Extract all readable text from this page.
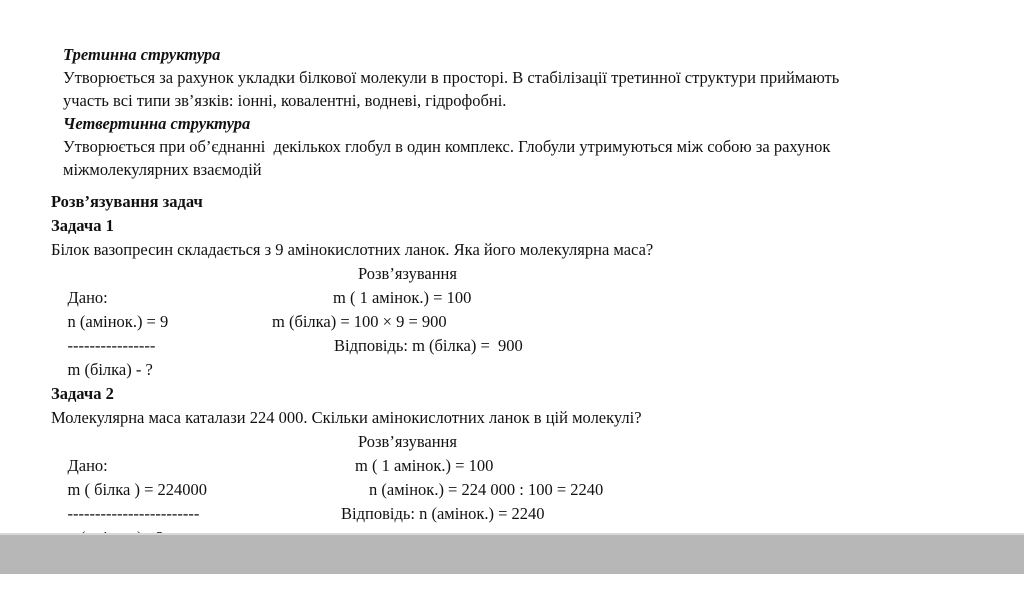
Третинна структура
Утворюється за рахунок укладки білкової молекули в просторі. В стабілізації третинної структури приймають
участь всі типи зв’язків: іонні, ковалентні, водневі, гідрофобні.
Четвертинна структура
Утворюється при об’єднанні  декількох глобул в один комплекс. Глобули утримуються між собою за рахунок
міжмолекулярних взаємодій
Розв’язування задач
Задача 1
Білок вазопресин складається з 9 амінокислотних ланок. Яка його молекулярна маса?

Дано:

Розв’язування

n (амінок.) = 9

m ( 1 амінок.) = 100

----------------

m (білка) = 100 × 9 = 900

m (білка) - ?

Відповідь: m (білка) =  900

Задача 2
Молекулярна маса каталази 224 000. Скільки амінокислотних ланок в цій молекулі?

Дано:

Розв’язування

m ( білка ) = 224000

m ( 1 амінок.) = 100

------------------------

n (амінок.) = 224 000 : 100 = 2240

Відповідь: n (амінок.) = 2240
